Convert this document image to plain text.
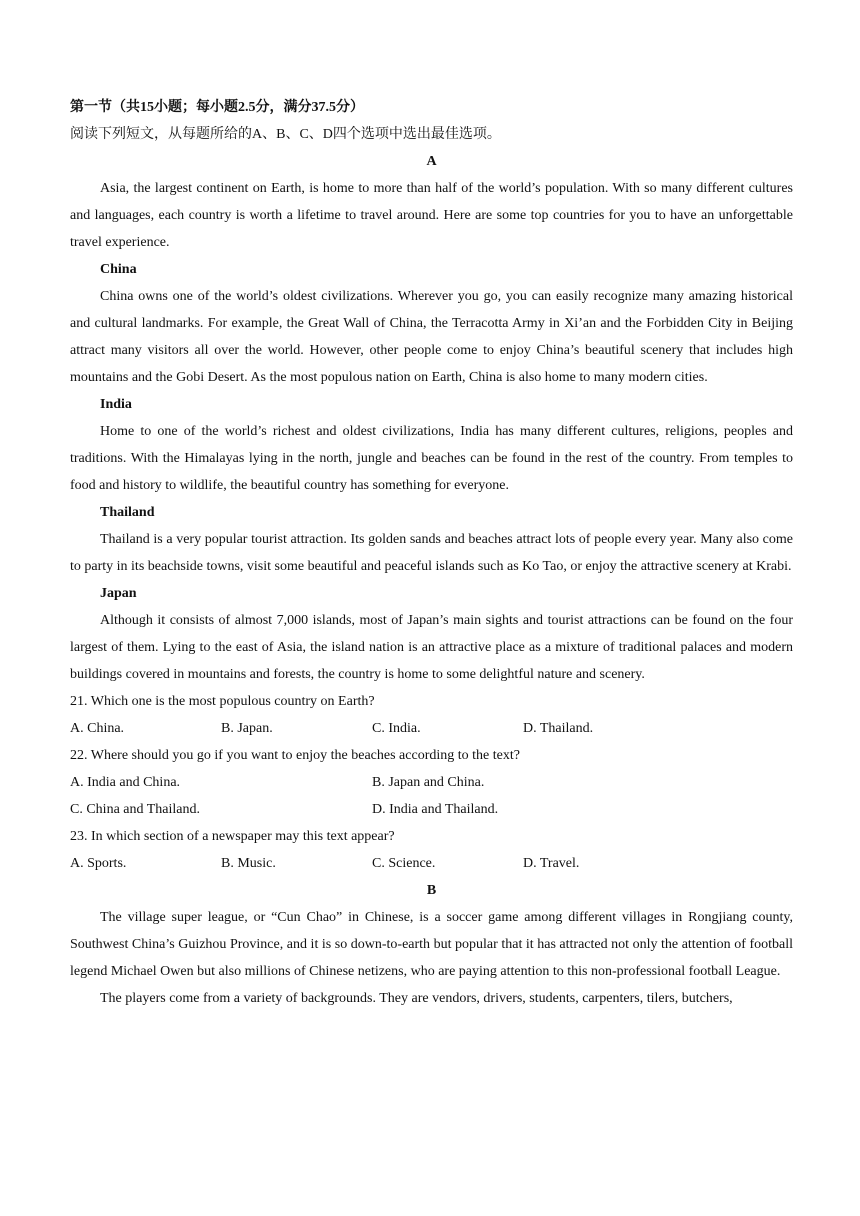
第一节（共15小题；每小题2.5分，满分37.5分）

阅读下列短文，从每题所给的A、B、C、D四个选项中选出最佳选项。

A

Asia, the largest continent on Earth, is home to more than half of the world’s population. With so many different cultures and languages, each country is worth a lifetime to travel around. Here are some top countries for you to have an unforgettable travel experience.

China

China owns one of the world’s oldest civilizations. Wherever you go, you can easily recognize many amazing historical and cultural landmarks. For example, the Great Wall of China, the Terracotta Army in Xi’an and the Forbidden City in Beijing attract many visitors all over the world. However, other people come to enjoy China’s beautiful scenery that includes high mountains and the Gobi Desert. As the most populous nation on Earth, China is also home to many modern cities.

India

Home to one of the world’s richest and oldest civilizations, India has many different cultures, religions, peoples and traditions. With the Himalayas lying in the north, jungle and beaches can be found in the rest of the country. From temples to food and history to wildlife, the beautiful country has something for everyone.

Thailand

Thailand is a very popular tourist attraction. Its golden sands and beaches attract lots of people every year. Many also come to party in its beachside towns, visit some beautiful and peaceful islands such as Ko Tao, or enjoy the attractive scenery at Krabi.

Japan

Although it consists of almost 7,000 islands, most of Japan’s main sights and tourist attractions can be found on the four largest of them. Lying to the east of Asia, the island nation is an attractive place as a mixture of traditional palaces and modern buildings covered in mountains and forests, the country is home to some delightful nature and scenery.

21. Which one is the most populous country on Earth?

A. China.	B. Japan.	C. India.	D. Thailand.

22. Where should you go if you want to enjoy the beaches according to the text?

A. India and China.	B. Japan and China.
C. China and Thailand.	D. India and Thailand.

23. In which section of a newspaper may this text appear?

A. Sports.	B. Music.	C. Science.	D. Travel.

B

The village super league, or “Cun Chao” in Chinese, is a soccer game among different villages in Rongjiang county, Southwest China’s Guizhou Province, and it is so down-to-earth but popular that it has attracted not only the attention of football legend Michael Owen but also millions of Chinese netizens, who are paying attention to this non-professional football League.

The players come from a variety of backgrounds. They are vendors, drivers, students, carpenters, tilers, butchers,
